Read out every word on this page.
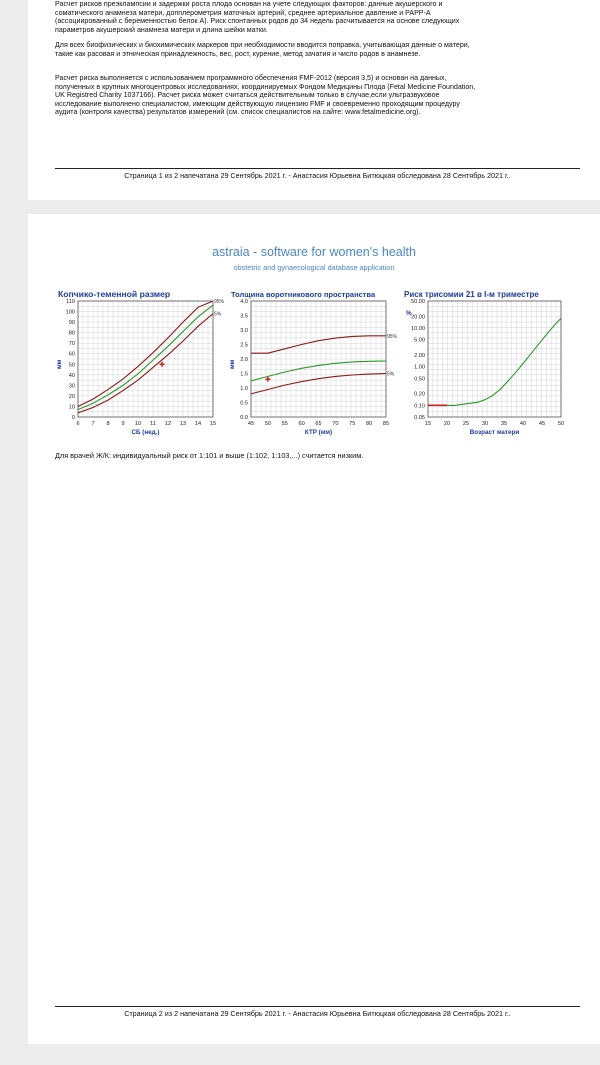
Расчет рисков преэклампсии и задержки роста плода основан на учете следующих факторов: данные акушерского и
соматического анамнеза матери, допплерометрия маточных артерий, среднее артериальное давление и PAPP-A
(ассоциированный с беременностью белок А). Риск спонтанных родов до 34 недель расчитывается на основе следующих
параметров акушерский анамнеза матери и длина шейки матки.
Для всех биофизических и биохимических маркеров при необходимости вводится поправка, учитывающая данные о матери,
такие как расовая и этническая принадлежность, вес, рост, курение, метод зачатия и число родов в анамнезе.
Расчет риска выполняется с использованием программного обеспечения FMF-2012 (версия 3,5) и основан на данных,
полученных в крупных многоцентровых исследованиях, координируемых Фондом Медицины Плода (Fetal Medicine Foundation,
UK Registred Charity 1037166). Расчет риска может считаться действительным только в случае,если ультразвуковое
исследование выполнено специалистом, имеющим действующую лицензию FMF и своевременно проходящим процедуру
аудита (контроля качества) результатов измерений (см. список специалистов на сайте: www.fetalmedicine.org).
Страница 1 из 2 напечатана 29 Сентябрь 2021 г. - Анастасия Юрьевна Битюцкая обследована 28 Сентябрь 2021 г..
astraia - software for women's health
obstetric and gynaecological database application
Копчико-теменной размер
6 7 8 9 10 11 12 13 14 15
0
10
20
30
40
50
60
70
80
90
100
110
СБ (нед.)
мм
95%
5%
Толщина воротникового пространства
45 50 55 60 65 70 75 80 85
0.0
0.5
1.0
1.5
2.0
2.5
3.0
3.5
4.0
КТР (мм)
мм
95%
5%
Риск трисомии 21 в I-м триместре
15 20 25 30 35 40 45 50
0.05
0.10
0.20
0.50
1.00
2.00
5.00
10.00
20.00
50.00
Возраст матери
%
Для врачей Ж/К: индивидуальный риск от 1:101 и выше (1:102, 1:103,...) считается низким.
Страница 2 из 2 напечатана 29 Сентябрь 2021 г. - Анастасия Юрьевна Битюцкая обследована 28 Сентябрь 2021 г..
